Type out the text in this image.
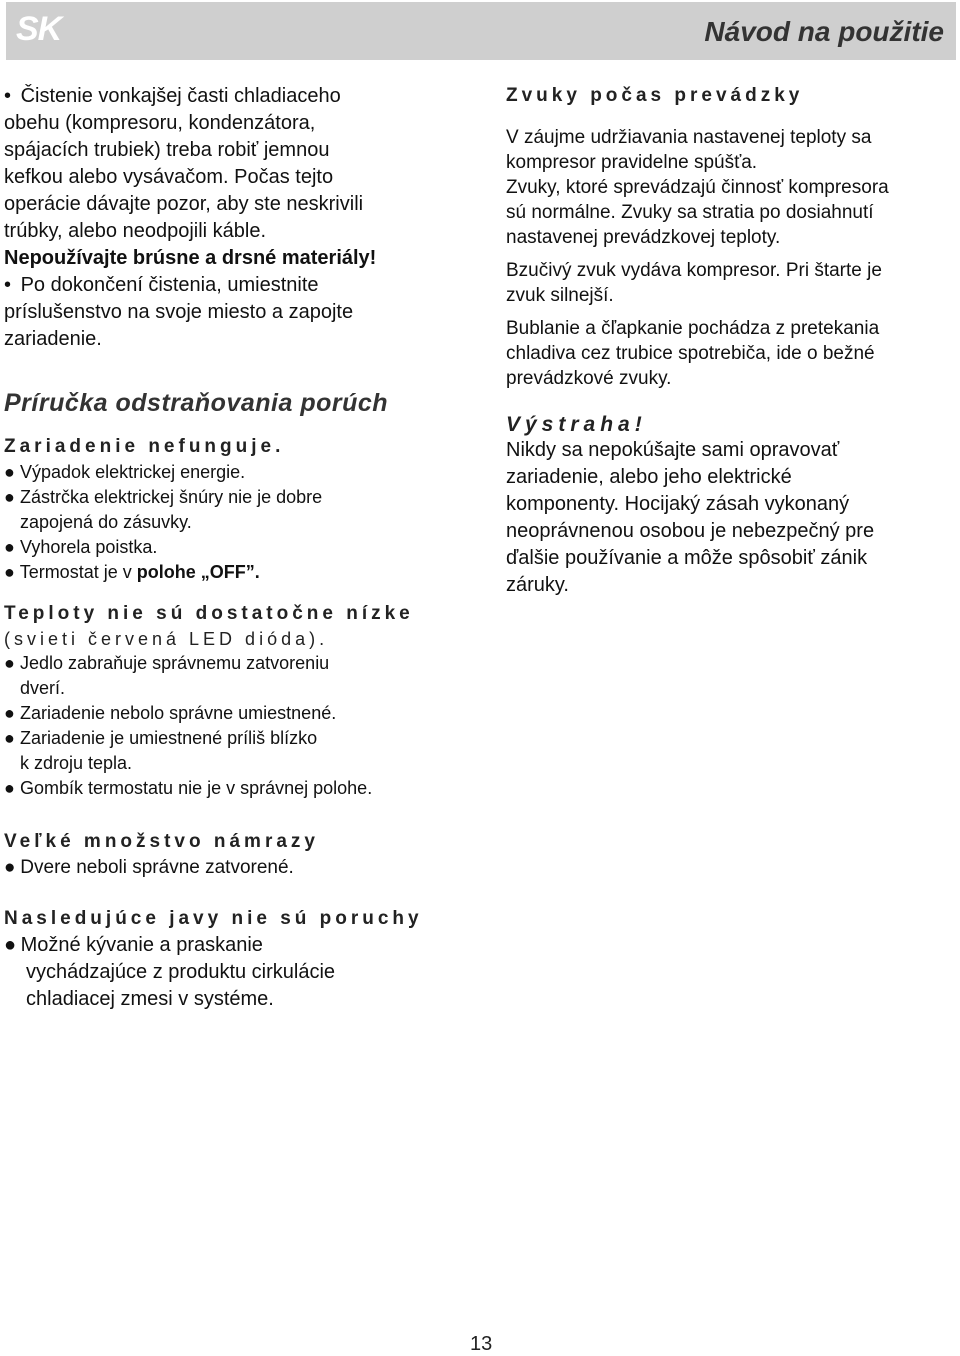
SK	Návod na použitie

• Čistenie vonkajšej časti chladiaceho

obehu (kompresoru, kondenzátora,

spájacích trubiek) treba robiť jemnou

kefkou alebo vysávačom. Počas tejto

operácie dávajte pozor, aby ste neskrivili

trúbky, alebo neodpojili káble.

Nepoužívajte brúsne a drsné materiály!

• Po dokončení čistenia, umiestnite

príslušenstvo na svoje miesto a zapojte

zariadenie.

Príručka odstraňovania porúch
Zariadenie nefunguje.

● Výpadok elektrickej energie.

● Zástrčka elektrickej šnúry nie je dobre

zapojená do zásuvky.

● Vyhorela poistka.

● Termostat je v polohe „OFF”.

Teploty nie sú dostatočne nízke
(svieti červená LED dióda).

● Jedlo zabraňuje správnemu zatvoreniu

dverí.

● Zariadenie nebolo správne umiestnené.

● Zariadenie je umiestnené príliš blízko

k zdroju tepla.

● Gombík termostatu nie je v správnej polohe.

Veľké množstvo námrazy

● Dvere neboli správne zatvorené.

Nasledujúce javy nie sú poruchy

● Možné kývanie a praskanie

vychádzajúce z produktu cirkulácie

chladiacej zmesi v systéme.

Zvuky počas prevádzky

V záujme udržiavania nastavenej teploty sa

kompresor pravidelne spúšťa.

Zvuky, ktoré sprevádzajú činnosť kompresora

sú normálne. Zvuky sa stratia po dosiahnutí

nastavenej prevádzkovej teploty.

Bzučivý zvuk vydáva kompresor. Pri štarte je

zvuk silnejší.

Bublanie a čľapkanie pochádza z pretekania

chladiva cez trubice spotrebiča, ide o bežné

prevádzkové zvuky.

Výstraha!

Nikdy sa nepokúšajte sami opravovať

zariadenie, alebo jeho elektrické

komponenty. Hocijaký zásah vykonaný

neoprávnenou osobou je nebezpečný pre

ďalšie používanie a môže spôsobiť zánik

záruky.

13
